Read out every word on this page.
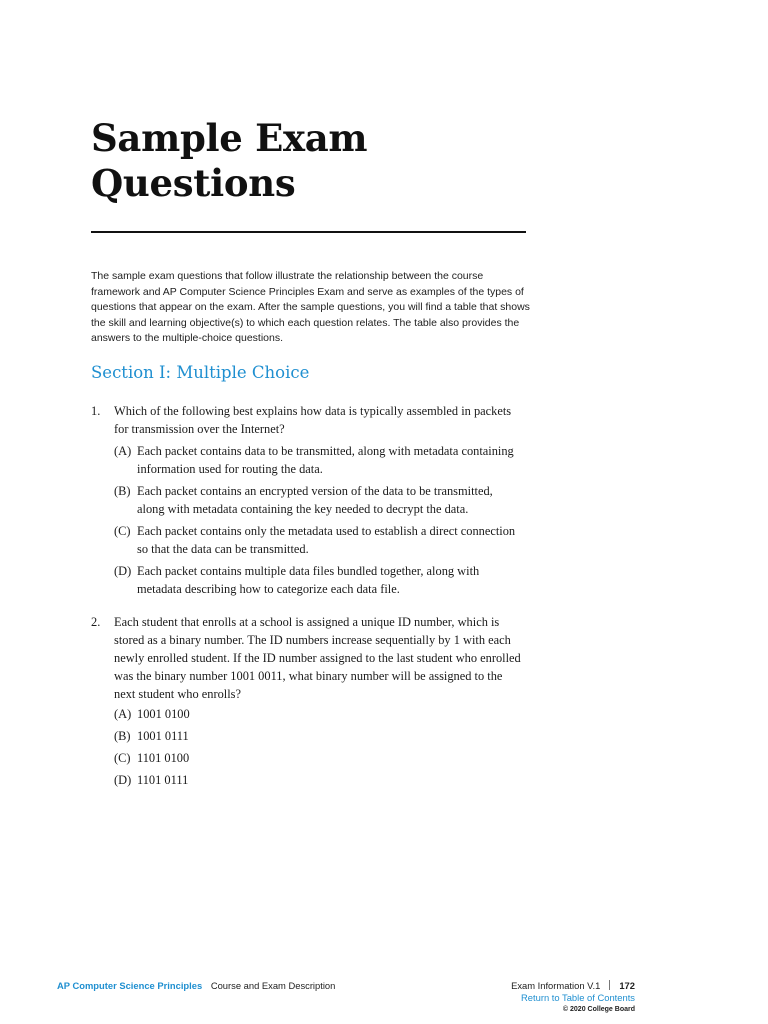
Sample Exam Questions

The sample exam questions that follow illustrate the relationship between the course framework and AP Computer Science Principles Exam and serve as examples of the types of questions that appear on the exam. After the sample questions, you will find a table that shows the skill and learning objective(s) to which each question relates. The table also provides the answers to the multiple-choice questions.

Section I: Multiple Choice
1. Which of the following best explains how data is typically assembled in packets for transmission over the Internet?

(A) Each packet contains data to be transmitted, along with metadata containing information used for routing the data.
(B) Each packet contains an encrypted version of the data to be transmitted, along with metadata containing the key needed to decrypt the data.
(C) Each packet contains only the metadata used to establish a direct connection so that the data can be transmitted.
(D) Each packet contains multiple data files bundled together, along with metadata describing how to categorize each data file.
2. Each student that enrolls at a school is assigned a unique ID number, which is stored as a binary number. The ID numbers increase sequentially by 1 with each newly enrolled student. If the ID number assigned to the last student who enrolled was the binary number 1001 0011, what binary number will be assigned to the next student who enrolls?

(A) 1001 0100
(B) 1001 0111
(C) 1101 0100
(D) 1101 0111
AP Computer Science Principles Course and Exam Description	Exam Information V.1 172
Return to Table of Contents
© 2020 College Board
